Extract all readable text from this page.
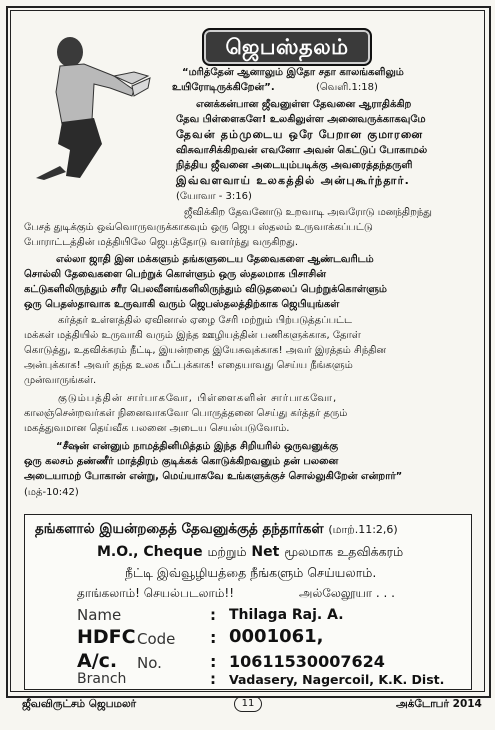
ஜெபஸ்தலம்
“மரித்தேன் ஆனாலும் இதோ சதா காலங்களிலும்
உயிரோடிருக்கிறேன்”.	(வெளி.1:18)
எனக்கன்பான ஜீவனுள்ள தேவனை ஆராதிக்கிற
தேவ பிள்ளைகளே! உலகிலுள்ள அனைவருக்காகவுமே
தேவன் தம்முடைய ஒரே பேறான குமாரனை
விசுவாசிக்கிறவன் எவனோ அவன் கெட்டுப் போகாமல்
நித்திய ஜீவனை அடையும்படிக்கு அவரைத்தந்தருளி
இவ்வளவாய் உலகத்தில் அன்புகூர்ந்தார்.
(யோவா - 3:16)
ஜீவிக்கிற தேவனோடு உறவாடி அவரோடு மனந்திறந்து
பேசத் துடிக்கும் ஒவ்வொருவருக்காகவும் ஒரு ஜெப ஸ்தலம் உருவாக்கப்பட்டு
போராட்டத்தின் மத்தியிலே ஜெபத்தோடு வளர்ந்து வருகிறது.
எல்லா ஜாதி இன மக்களும் தங்களுடைய தேவைகளை ஆண்டவரிடம்
சொல்லி தேவைகளை பெற்றுக் கொள்ளும் ஒரு ஸ்தலமாக பிசாசின்
கட்டுகளிலிருந்தும் சரீர பெலவீனங்களிலிருந்தும் விடுதலைப் பெற்றுக்கொள்ளும்
ஒரு பெதஸ்தாவாக உருவாகி வரும் ஜெபஸ்தலத்திற்காக ஜெபியுங்கள்
கர்த்தர் உள்ளத்தில் ஏவினால் ஏழை சேரி மற்றும் பிற்படுத்தப்பட்ட
மக்கள் மத்தியில் உருவாகி வரும் இந்த ஊழியத்தின் பணிகளுக்காக, தோள்
கொடுத்து, உதவிக்கரம் நீட்டி, இயன்றதை இயேசுவுக்காக! அவர் இரத்தம் சிந்தின
அன்புக்காக! அவர் தந்த உலக மீட்புக்காக! எதையாவது செய்ய நீங்களும்
முன்வாருங்கள்.
குடும்பத்தின் சார்பாகவோ, பிள்ளைகளின் சார்பாகவோ,
காலஞ்சென்றவர்கள் நினைவாகவோ பொருத்தனை செய்து கர்த்தர் தரும்
மகத்துவமான தெய்வீக பலனை அடைய செயல்படுவோம்.
“சீஷன் என்னும் நாமத்தினிமித்தம் இந்த சிறியரில் ஒருவனுக்கு
ஒரு கலசம் தண்ணீர் மாத்திரம் குடிக்கக் கொடுக்கிறவனும் தன் பலனை
அடையாமற் போகான் என்று, மெய்யாகவே உங்களுக்குச் சொல்லுகிறேன் என்றார்”
(மத்-10:42)
தங்களால் இயன்றதைத் தேவனுக்குத் தந்தார்கள் (மாற்.11:2,6)
M.O., Cheque மற்றும் Net மூலமாக உதவிக்கரம்
நீட்டி இவ்வூழியத்தை நீங்களும் செய்யலாம்.
தாங்கலாம்! செயல்படலாம்!!	அல்லேலூயா . . .
Name	: Thilaga Raj. A.
HDFC Code : 0001061,
A/c. No.	: 10611530007624
Branch	: Vadasery, Nagercoil, K.K. Dist.
ஜீவவிருட்சம் ஜெபமலர்	11	அக்டோபர் 2014
